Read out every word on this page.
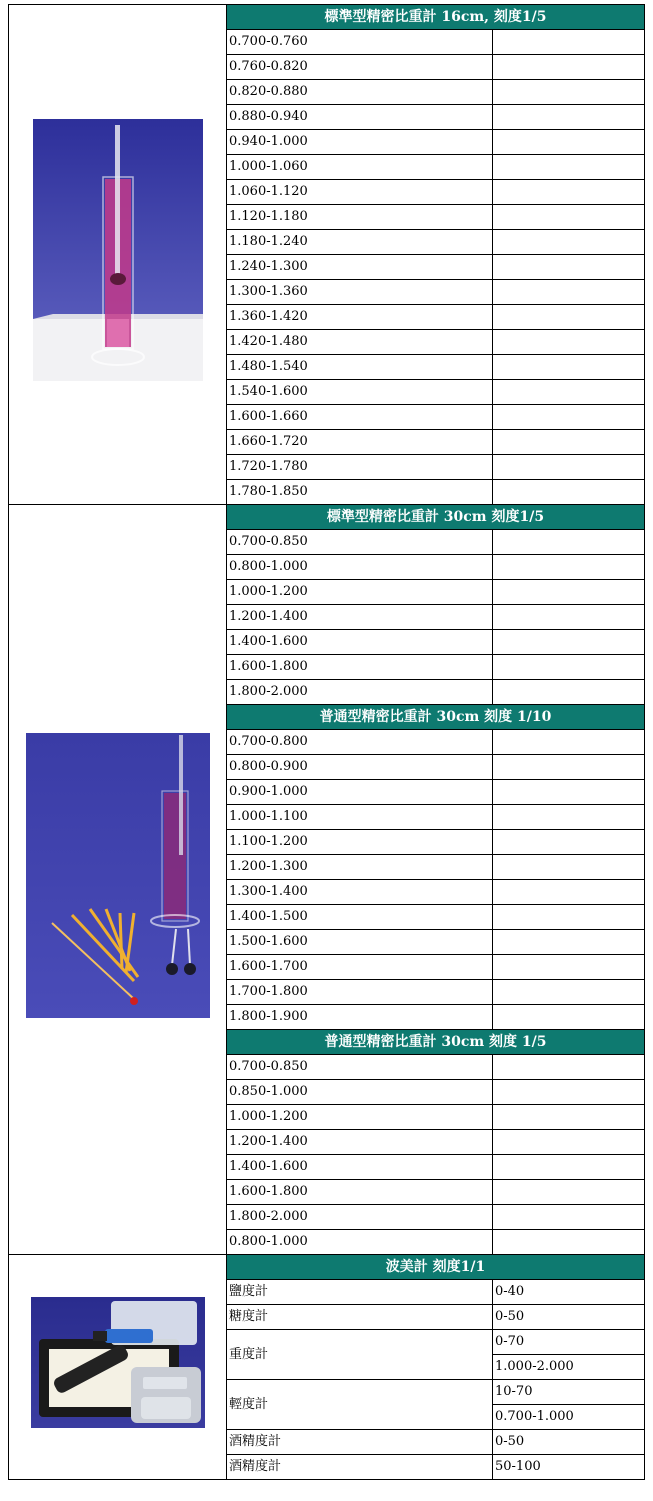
	標準型精密比重計 16cm, 刻度1/5	
	0.700-0.760	
	0.760-0.820	
	0.820-0.880	
	0.880-0.940	
	0.940-1.000	
	1.000-1.060	
	1.060-1.120	
	1.120-1.180	
	1.180-1.240	
	1.240-1.300	
	1.300-1.360	
	1.360-1.420	
	1.420-1.480	
	1.480-1.540	
	1.540-1.600	
	1.600-1.660	
	1.660-1.720	
	1.720-1.780	
	1.780-1.850	

	標準型精密比重計 30cm 刻度1/5	
	0.700-0.850	
	0.800-1.000	
	1.000-1.200	
	1.200-1.400	
	1.400-1.600	
	1.600-1.800	
	1.800-2.000	
	普通型精密比重計 30cm 刻度 1/10	
	0.700-0.800	
	0.800-0.900	
	0.900-1.000	
	1.000-1.100	
	1.100-1.200	
	1.200-1.300	
	1.300-1.400	
	1.400-1.500	
	1.500-1.600	
	1.600-1.700	
	1.700-1.800	
	1.800-1.900	
	普通型精密比重計 30cm 刻度 1/5	
	0.700-0.850	
	0.850-1.000	
	1.000-1.200	
	1.200-1.400	
	1.400-1.600	
	1.600-1.800	
	1.800-2.000	
	0.800-1.000	

	波美計 刻度1/1	
	鹽度計	0-40
	糖度計	0-50
	重度計	0-70
		1.000-2.000
	輕度計	10-70
		0.700-1.000
	酒精度計	0-50
	酒精度計	50-100
